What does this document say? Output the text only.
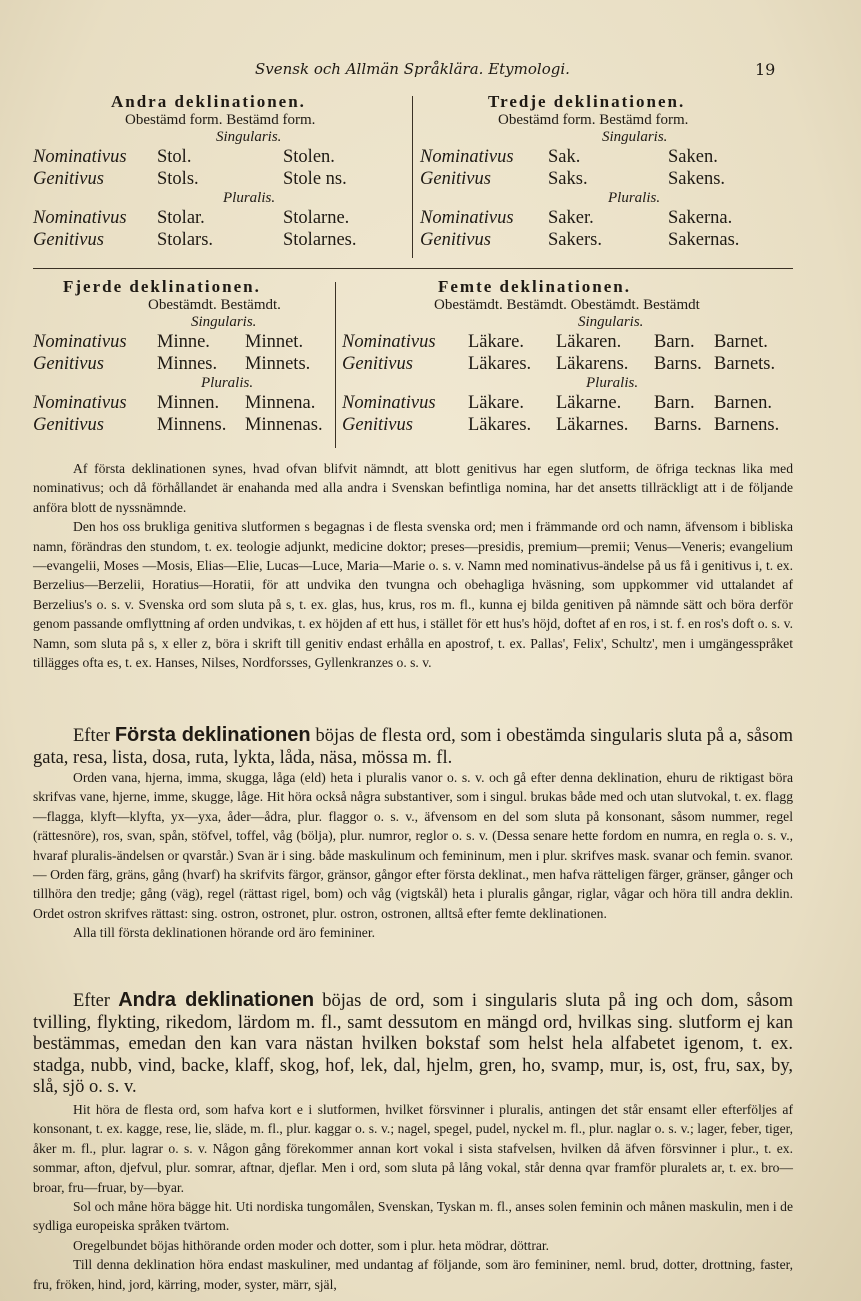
Svensk och Allmän Språklära. Etymologi.	19
Andra deklinationen.
Obestämd form. Bestämd form.
Singularis.
Nominativus	Stol.	Stolen.
Genitivus	Stols.	Stole ns.
Pluralis.
Nominativus	Stolar.	Stolarne.
Genitivus	Stolars.	Stolarnes.
Tredje deklinationen.
Obestämd form. Bestämd form.
Singularis.
Nominativus	Sak.	Saken.
Genitivus	Saks.	Sakens.
Pluralis.
Nominativus	Saker.	Sakerna.
Genitivus	Sakers.	Sakernas.
Fjerde deklinationen.
Obestämdt. Bestämdt.
Singularis.
Nominativus	Minne.	Minnet.
Genitivus	Minnes.	Minnets.
Pluralis.
Nominativus	Minnen.	Minnena.
Genitivus	Minnens.	Minnenas.
Femte deklinationen.
Obestämdt. Bestämdt. Obestämdt. Bestämdt
Singularis.
Nominativus	Läkare.	Läkaren.	Barn.	Barnet.
Genitivus	Läkares.	Läkarens.	Barns. Barnets.
Pluralis.
Nominativus	Läkare.	Läkarne.	Barn.	Barnen.
Genitivus	Läkares.	Läkarnes.	Barns. Barnens.

Af första deklinationen synes, hvad ofvan blifvit nämndt, att blott genitivus har egen slutform, de öfriga tecknas lika med nominativus; och då förhållandet är enahanda med alla andra i Svenskan befintliga nomina, har det ansetts tillräckligt att i de följande anföra blott de nyssnämnde.

Den hos oss brukliga genitiva slutformen s begagnas i de flesta svenska ord; men i främmande ord och namn, äfvensom i bibliska namn, förändras den stundom, t. ex. teologie adjunkt, medicine doktor; preses—presidis, premium—premii; Venus—Veneris; evangelium —evangelii, Moses —Mosis, Elias—Elie, Lucas—Luce, Maria—Marie o. s. v. Namn med nominativus-ändelse på us få i genitivus i, t. ex. Berzelius—Berzelii, Horatius—Horatii, för att undvika den tvungna och obehagliga hväsning, som uppkommer vid uttalandet af Berzelius's o. s. v. Svenska ord som sluta på s, t. ex. glas, hus, krus, ros m. fl., kunna ej bilda genitiven på nämnde sätt och böra derför genom passande omflyttning af orden undvikas, t. ex höjden af ett hus, i stället för ett hus's höjd, doftet af en ros, i st. f. en ros's doft o. s. v. Namn, som sluta på s, x eller z, böra i skrift till genitiv endast erhålla en apostrof, t. ex. Pallas', Felix', Schultz', men i umgängesspråket tillägges ofta es, t. ex. Hanses, Nilses, Nordforsses, Gyllenkranzes o. s. v.

Efter Första deklinationen böjas de flesta ord, som i obestämda singularis sluta på a, såsom gata, resa, lista, dosa, ruta, lykta, låda, näsa, mössa m. fl.

Orden vana, hjerna, imma, skugga, låga (eld) heta i pluralis vanor o. s. v. och gå efter denna deklination, ehuru de riktigast böra skrifvas vane, hjerne, imme, skugge, låge. Hit höra också några substantiver, som i singul. brukas både med och utan slutvokal, t. ex. flagg—flagga, klyft—klyfta, yx—yxa, åder—ådra, plur. flaggor o. s. v., äfvensom en del som sluta på konsonant, såsom nummer, regel (rättesnöre), ros, svan, spån, stöfvel, toffel, våg (bölja), plur. numror, reglor o. s. v. (Dessa senare hette fordom en numra, en regla o. s. v., hvaraf pluralis-ändelsen or qvarstår.) Svan är i sing. både maskulinum och femininum, men i plur. skrifves mask. svanar och femin. svanor. — Orden färg, gräns, gång (hvarf) ha skrifvits färgor, gränsor, gångor efter första deklinat., men hafva rätteligen färger, gränser, gånger och tillhöra den tredje; gång (väg), regel (rättast rigel, bom) och våg (vigtskål) heta i pluralis gångar, riglar, vågar och höra till andra deklin. Ordet ostron skrifves rättast: sing. ostron, ostronet, plur. ostron, ostronen, alltså efter femte deklinationen.

Alla till första deklinationen hörande ord äro femininer.

Efter Andra deklinationen böjas de ord, som i singularis sluta på ing och dom, såsom tvilling, flykting, rikedom, lärdom m. fl., samt dessutom en mängd ord, hvilkas sing. slutform ej kan bestämmas, emedan den kan vara nästan hvilken bokstaf som helst hela alfabetet igenom, t. ex. stadga, nubb, vind, backe, klaff, skog, hof, lek, dal, hjelm, gren, ho, svamp, mur, is, ost, fru, sax, by, slå, sjö o. s. v.

Hit höra de flesta ord, som hafva kort e i slutformen, hvilket försvinner i pluralis, antingen det står ensamt eller efterföljes af konsonant, t. ex. kagge, rese, lie, släde, m. fl., plur. kaggar o. s. v.; nagel, spegel, pudel, nyckel m. fl., plur. naglar o. s. v.; lager, feber, tiger, åker m. fl., plur. lagrar o. s. v. Någon gång förekommer annan kort vokal i sista stafvelsen, hvilken då äfven försvinner i plur., t. ex. sommar, afton, djefvul, plur. somrar, aftnar, djeflar. Men i ord, som sluta på lång vokal, står denna qvar framför pluralets ar, t. ex. bro—broar, fru—fruar, by—byar.

Sol och måne höra bägge hit. Uti nordiska tungomålen, Svenskan, Tyskan m. fl., anses solen feminin och månen maskulin, men i de sydliga europeiska språken tvärtom.

Oregelbundet böjas hithörande orden moder och dotter, som i plur. heta mödrar, döttrar.

Till denna deklination höra endast maskuliner, med undantag af följande, som äro femininer, neml. brud, dotter, drottning, faster, fru, fröken, hind, jord, kärring, moder, syster, märr, själ,
